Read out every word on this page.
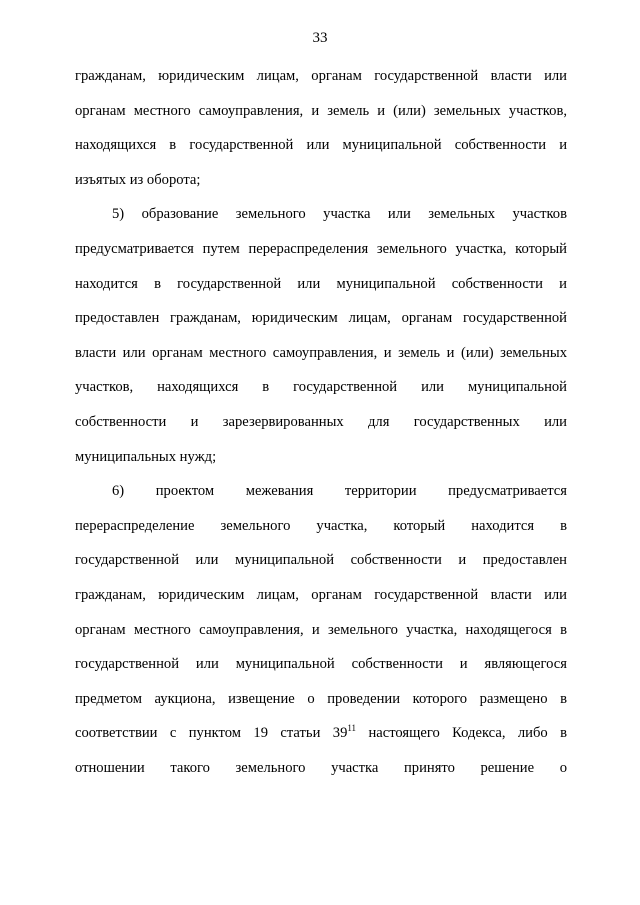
33
гражданам, юридическим лицам, органам государственной власти или
органам местного самоуправления, и земель и (или) земельных участков,
находящихся в государственной или муниципальной собственности и
изъятых из оборота;
5) образование земельного участка или земельных участков
предусматривается путем перераспределения земельного участка, который
находится в государственной или муниципальной собственности и
предоставлен гражданам, юридическим лицам, органам государственной
власти или органам местного самоуправления, и земель и (или) земельных
участков, находящихся в государственной или муниципальной
собственности и зарезервированных для государственных или
муниципальных нужд;
6) проектом межевания территории предусматривается
перераспределение земельного участка, который находится в
государственной или муниципальной собственности и предоставлен
гражданам, юридическим лицам, органам государственной власти или
органам местного самоуправления, и земельного участка, находящегося в
государственной или муниципальной собственности и являющегося
предметом аукциона, извещение о проведении которого размещено в
соответствии с пунктом 19 статьи $39^{11}$ настоящего Кодекса, либо в
отношении такого земельного участка принято решение о
